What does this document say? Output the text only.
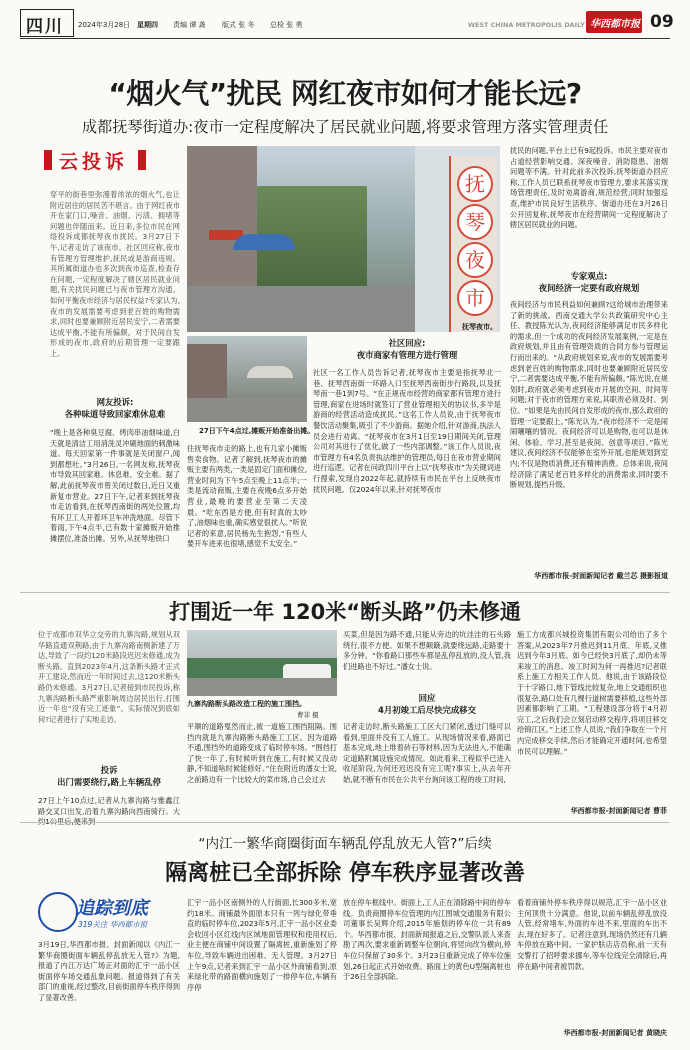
四川 2024年3月28日 星期四 责编 谭 龚 版式 张 冬 总检 张 勇	WEST CHINA METROPOLIS DAILY 华西都市报 09
“烟火气”扰民 网红夜市如何才能长远?
成都抚琴街道办:夜市一定程度解决了居民就业问题,将要求管理方落实管理责任
云投诉
穿平的街巷里弥漫着浓浓的烟火气,也让附近居住的居民苦不堪言。由于网红夜市开在家门口,噪音、油烟、污渍、拥堵等问题也伴随而来。近日来,多位市民在网络投诉成都抚琴夜市扰民。3月27日下午,记者走访了该夜市。社区回应称,夜市有管理方管理维护,抚民或是游商违规。其所属街道办也多次到夜市巡查,检查存在问题,一定程度解决了辖区居民就业问题,有关扰民问题已与夜市管理方沟通。如何平衡夜市经济与居民权益?专家认为,夜市的发展需要考虑到老百姓的购物需求,同时也要兼顾附近居民安宁,二者需要达成平衡,不能有所偏颇。对于民间自发形成的夜市,政府的后期管理一定要跟上。
网友投诉:
各种味道导致回家难休息难
“晚上是各种臭豆腐、烤肉串油烟味道,白天就是清洁工用消洗灵冲刷地面的刺激味道。每天回家第一件事就是关闭窗户,闻到都想吐。”3月26日,一名网友称,抚琴夜市导致其回家难、休息难、安全难。据了解,此前抚琴夜市曾关闭过数日,近日又重新复市营业。27日下午,记者来到抚琴夜市走访看到,在抚琴西南街的两处位置,均有环卫工人开着环卫车冲洗地面。尽管下着雨,下午4点半,已有数十家摊贩开始推摊摆位,准备出摊。另外,从抚琴地铁口
抚
琴
夜
市
抚琴夜市。
27日下午4点过,摊贩开始准备出摊。
往抚琴夜市走的路上,也有几家小摊贩售卖食物。记者了解到,抚琴夜市的摊贩主要有两类,一类是固定门面和摊位,营业时间为下午5点至晚上11点半;一类是流动商贩,主要在夜晚6点多开始营业,最晚的要营业至第二天凌晨。“吃东西是方便,但有时真的太吵了,油烟味也重,确实感觉很扰人。”听说记者的来意,居民杨先生抱怨,“有些人要开车进来也很堵,感觉不太安全。”
社区回应:
夜市商家有管理方进行管理
社区一名工作人员告诉记者,抚琴夜市主要是指抚琴北一巷、抚琴西南街一环路入口至抚琴西南街步行路段,以及抚琴南一巷1到7号。“在正规夜市经营的商家都有管理方进行管理,商家在进场时就签订了营业管理相关的协议书,多半是游商的经营活动造成扰民。”这名工作人员说,由于抚琴夜市餐饮活动聚集,吸引了不少游商。据她介绍,针对游商,执法人员会进行劝离。“抚琴夜市在3月1日至19日期间关闭,管理公司对其进行了优化,做了一些内部调整。”该工作人员说,夜市管理方有4名负责执法维护的管理员,每日在夜市营业期间进行巡逻。记者在问政四川平台上以“抚琴夜市”为关键词进行搜索,发现自2022年起,就持续有市民在平台上反映夜市扰民问题。仅2024年以来,针对抚琴夜市
扰民的问题,平台上已有9起投诉。市民主要对夜市占道经营影响交通、深夜噪音、消防隐患、油烟问题等不满。针对此前多次投诉,抚琴街道办回应称,工作人员已联系抚琴夜市管理方,要求其落实现场管理责任,及时劝离游商,规范经营;同时加强巡查,维护市民良好生活秩序。街道办还在3月26日公开回复称,抚琴夜市在经营期间一定程度解决了辖区居民就业的问题。
专家观点:
夜间经济一定要有政府规划
夜间经济与市民利益如何兼顾?这给城市治理带来了新的挑战。西南交通大学公共政策研究中心主任、教授陈光认为,夜间经济能够满足市民多样化的需求,但一个成功的夜间经济发展案例,一定是在政府规划,并且由有管理资质的合同方参与管理运行而出来的。“从政府规划来说,夜市的发展需要考虑到老百姓的购物需求,同时也要兼顾附近居民安宁,二者需要达成平衡,不能有所偏颇。”陈光说,在规划时,政府就必须考虑到夜市开展的空间、时间等问题;对于夜市的管理方来说,其职责必须及时、到位。“如果是先由民间自发形成的夜市,那么政府的管理一定要跟上。”陈光认为,“夜市经济不一定是闹闹嚷嚷的情况。夜间经济可以是购物,也可以是休闲、体验、学习,甚至是夜间、创意等项目。”陈光建议,夜间经济不仅能够在室外开展,也能规划到室内;不仅是物质消费,还有精神消费。总体来说,夜间经济除了满足老百姓多样化的消费需求,同时要不断规划,提档升级。
华西都市报-封面新闻记者 戴兰芯 摄影报道
打围近一年 120米“断头路”仍未修通
位于成都市双华立交旁的九寨沟路,规划从双华路直通双荆路,由于九寨沟路南侧新建了万达,导致了一段约120米路段迟迟未修通,成为断头路。直到2023年4月,这条断头路才正式开工建设,然而近一年时间过去,这120米断头路仍未修通。3月27日,记者接到市民投诉,称九寨沟路断头路严重影响周边居民出行,打围近一年也“没有完工迹象”。实际情况到底如何?记者进行了实地走访。
投诉
出门需要绕行,路上车辆乱停
27日上午10点过,记者从九寨沟路与雅鑫江路交叉口出发,沿着九寨沟路向西南骑行。大
九寨沟路断头路改造工程的施工围挡。
曹菲 摄
平顺的道路戛然而止,被一道施工围挡阻隔。围挡内就是九寨沟路断头路施工工区。因为道路不通,围挡外的道路变成了临时停车场。“围挡打了快一年了,有时候听到在施工,有时候又没动静,不知道啥时候能修好。”住在附近的潘女士说,之前路边有一个比较大的菜市场,自己会过去
买菜,但是因为路不通,只能从旁边的坑洼洼的石头路绕行,很不方便。如果不想颠簸,就要绕远路,走路要十多分钟。“你看路口那些车都是乱停乱放的,没人管,我们进路也不好过。”潘女士说。
回应
4月初竣工后尽快完成移交
记者走访时,断头路施工工区大门紧闭,透过门缝可以看到,里面并没有工人施工。从现场情况来看,路面已基本完成,地上堆着砖石等材料,因为无法进入,不能确定道路附属设施完成情况。如此看来,工程似乎已进入收尾阶段,为何还迟迟没有完工呢?事实上,从去年开始,就不断有市民在公共平台询问该工程的竣工时间,
施工方成都兴城投资集团有限公司给出了多个答案,从2023年7月推迟到11月底、年底,又推迟到今年3月底。如今已经快3月底了,却仍未等来竣工的消息。竣工时间为何一再推迟?记者联系上施工方相关工作人员。他说,由于该路段位于十字路口,地下管线比较复杂,地上交通组织也很复杂,路口处有几棵行道树需要移植,这些外部因素都影响了工期。“工程建设部分将于4月初完工,之后我们会立刻启动移交程序,将项目移交给锦江区。”上述工作人员说,“我们争取在一个月内完成移交手续,然后才能确定开通时间,也希望市民可以理解。”
华西都市报-封面新闻记者 曹菲
“内江一繁华商圈街面车辆乱停乱放无人管?”后续
隔离桩已全部拆除 停车秩序显著改善
追踪到底
319关注 华西都市报
3月19日,华西都市报、封面新闻以《内江一繁华商圈街面车辆乱停乱放无人管?》为题,报道了内江万达广场正对面的汇宇一品小区街面停车场交通乱象问题。报道得到了有关部门的重视,经过整改,目前街面停车秩序得到了显著改善。
汇宇一品小区南侧外的人行街面,长300多米,宽约18米。商铺最外面原本只有一列与绿化带垂直的临时停车位,2023年5月,汇宇一品小区业委会收回小区红线内区域地面管理权和使用权后,业主便在商铺中间设置了隔离桩,重新施划了停车位,导致车辆进出困难、无人管理。3月27日上午9点,记者来到汇宇一品小区外商铺看到,原来绿化带的路面横向施划了一排停车位,车辆有序停
放在停车框线中。街面上,工人正在清除路中间的停车线。负责商圈停车位管理的内江图城交通服务有限公司董事长吴辉介绍,2015年施划的停车位一共有89个。华西都市报、封面新闻报道之后,交警队派人来查勘了两次,要求重新调整车位朝向,将竖向改为横向,停车位只保留了30多个。3月23日重新完成了停车位施划,26日起正式开始收费。路面上的黄色U型隔离桩也于26日全部拆除。
看着商铺外停车秩序得以规范,汇宇一品小区业主何顶贵十分满意。他说,以前车辆乱停乱放没人管,经常堵车,外面的车进不来,里面的车出不去,现在好多了。记者注意到,现场仍然还有几辆车停放在路中间。一家护肤店店员称,前一天有交警打了招呼要求挪车,等车位线完全清除后,再停在路中间者被罚款。
华西都市报-封面新闻记者 黄晓庆
